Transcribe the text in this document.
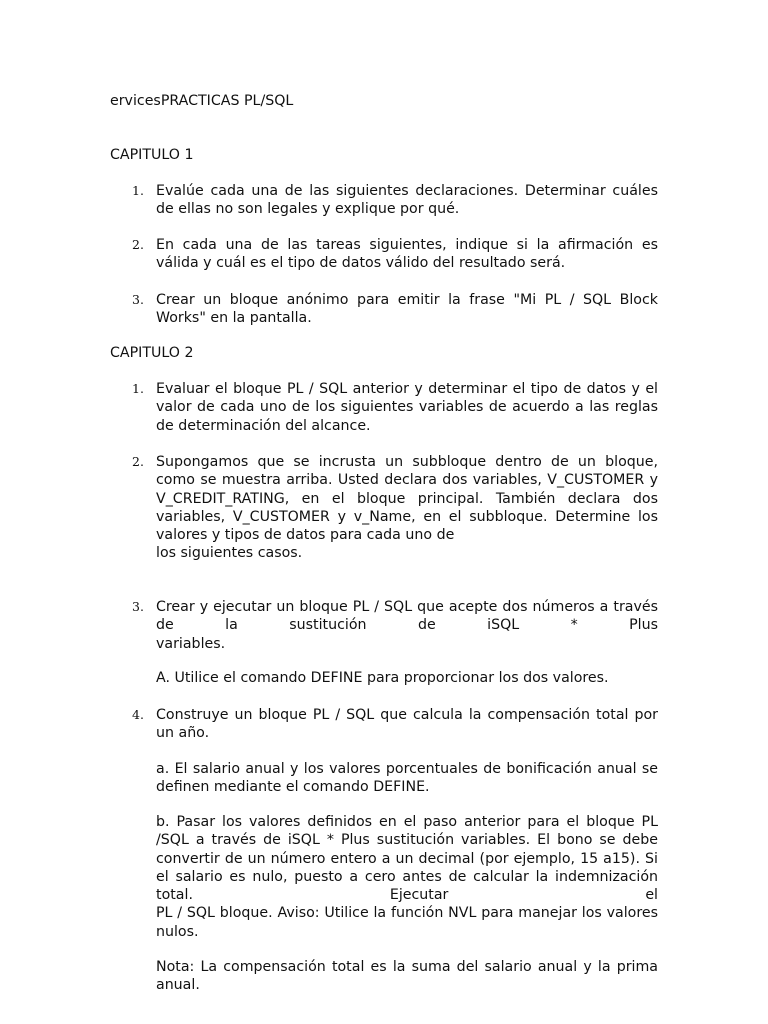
ervicesPRACTICAS PL/SQL
CAPITULO 1
1. Evalúe cada una de las siguientes declaraciones. Determinar cuáles de ellas no son legales y explique por qué.
2. En cada una de las tareas siguientes, indique si la afirmación es válida y cuál es el tipo de datos válido del resultado será.
3. Crear un bloque anónimo para emitir la frase "Mi PL / SQL Block Works" en la pantalla.
CAPITULO 2
1. Evaluar el bloque PL / SQL anterior y determinar el tipo de datos y el valor de cada uno de los siguientes variables de acuerdo a las reglas de determinación del alcance.
2. Supongamos que se incrusta un subbloque dentro de un bloque, como se muestra arriba. Usted declara dos variables, V_CUSTOMER y V_CREDIT_RATING, en el bloque principal. También declara dos variables, V_CUSTOMER y v_Name, en el subbloque. Determine los valores y tipos de datos para cada uno de

los siguientes casos.

3. Crear y ejecutar un bloque PL / SQL que acepte dos números a través de la sustitución de iSQL * Plus

variables.

A. Utilice el comando DEFINE para proporcionar los dos valores.

4. Construye un bloque PL / SQL que calcula la compensación total por un año.

a. El salario anual y los valores porcentuales de bonificación anual se definen mediante el comando DEFINE.

b. Pasar los valores definidos en el paso anterior para el bloque PL /SQL a través de iSQL * Plus sustitución variables. El bono se debe convertir de un número entero a un decimal (por ejemplo, 15 a15). Si el salario es nulo, puesto a cero antes de calcular la indemnización total. Ejecutar el

PL / SQL bloque. Aviso: Utilice la función NVL para manejar los valores nulos.

Nota: La compensación total es la suma del salario anual y la prima anual.
